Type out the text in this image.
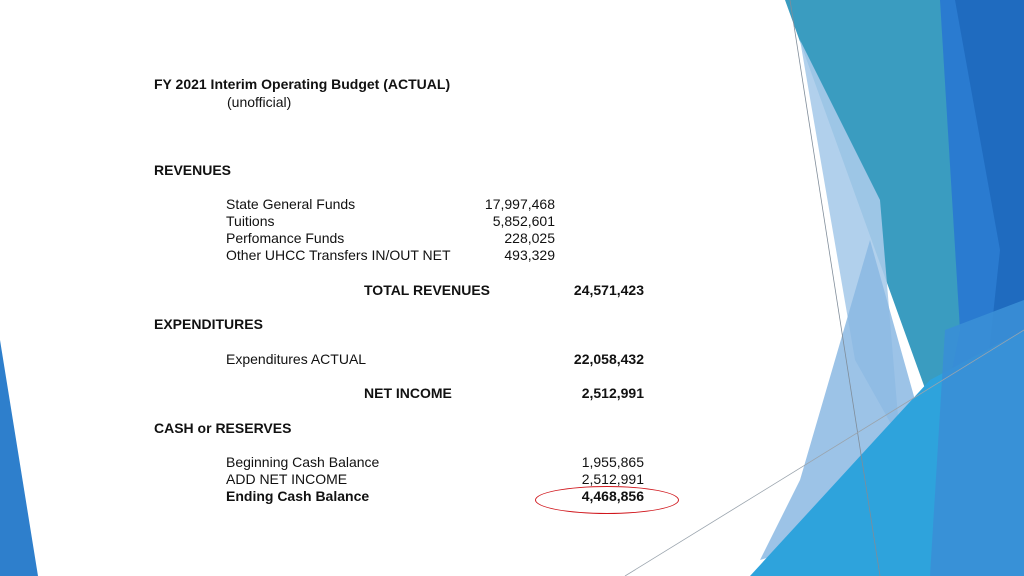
FY 2021 Interim Operating Budget (ACTUAL)
(unofficial)
REVENUES
State General Funds	17,997,468
Tuitions	5,852,601
Perfomance Funds	228,025
Other UHCC Transfers IN/OUT NET	493,329
TOTAL REVENUES	24,571,423
EXPENDITURES
Expenditures ACTUAL	22,058,432
NET INCOME	2,512,991
CASH or RESERVES
Beginning Cash Balance	1,955,865
ADD NET INCOME	2,512,991
Ending Cash Balance	4,468,856
